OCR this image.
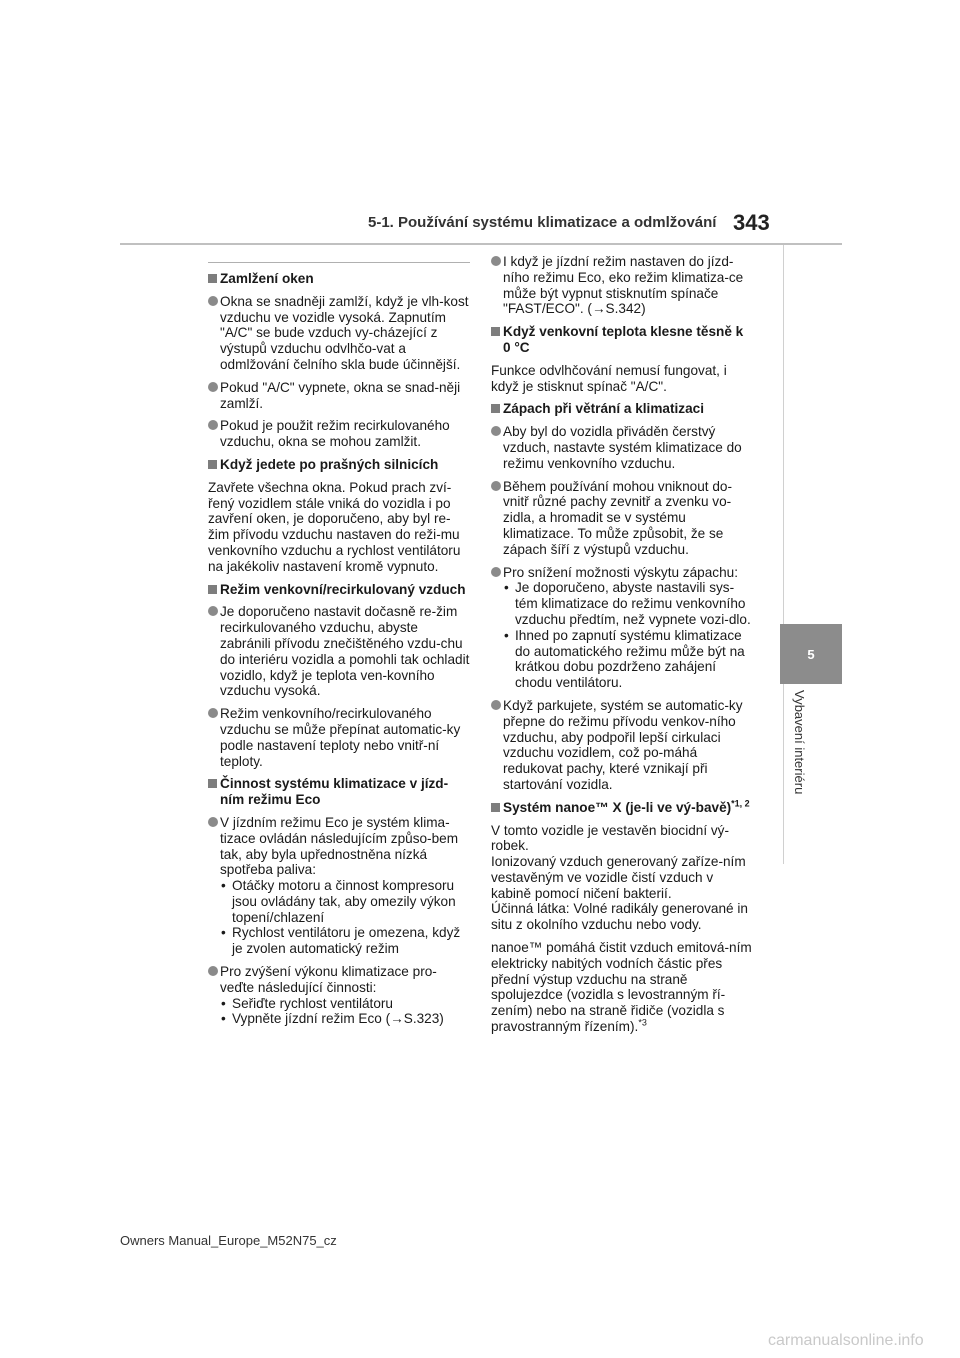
5-1. Používání systému klimatizace a odmlžování 343
5
Vybavení interiéru
Zamlžení oken
Okna se snadněji zamlží, když je vlh-kost vzduchu ve vozidle vysoká. Zapnutím "A/C" se bude vzduch vy-cházející z výstupů vzduchu odvlhčo-vat a odmlžování čelního skla bude účinnější.
Pokud "A/C" vypnete, okna se snad-něji zamlží.
Pokud je použit režim recirkulovaného vzduchu, okna se mohou zamlžit.
Když jedete po prašných silnicích
Zavřete všechna okna. Pokud prach zví-řený vozidlem stále vniká do vozidla i po zavření oken, je doporučeno, aby byl re-žim přívodu vzduchu nastaven do reži-mu venkovního vzduchu a rychlost ventilátoru na jakékoliv nastavení kromě vypnuto.
Režim venkovní/recirkulovaný vzduch
Je doporučeno nastavit dočasně re-žim recirkulovaného vzduchu, abyste zabránili přívodu znečištěného vzdu-chu do interiéru vozidla a pomohli tak ochladit vozidlo, když je teplota ven-kovního vzduchu vysoká.
Režim venkovního/recirkulovaného vzduchu se může přepínat automatic-ky podle nastavení teploty nebo vnitř-ní teploty.
Činnost systému klimatizace v jízd-ním režimu Eco
V jízdním režimu Eco je systém klima-tizace ovládán následujícím způso-bem tak, aby byla upřednostněna nízká spotřeba paliva:
• Otáčky motoru a činnost kompresoru jsou ovládány tak, aby omezily výkon topení/chlazení
• Rychlost ventilátoru je omezena, když je zvolen automatický režim
Pro zvýšení výkonu klimatizace pro-veďte následující činnosti:
• Seřiďte rychlost ventilátoru
• Vypněte jízdní režim Eco (→S.323)
I když je jízdní režim nastaven do jízd-ního režimu Eco, eko režim klimatiza-ce může být vypnut stisknutím spínače "FAST/ECO". (→S.342)
Když venkovní teplota klesne těsně k 0 °C
Funkce odvlhčování nemusí fungovat, i když je stisknut spínač "A/C".
Zápach při větrání a klimatizaci
Aby byl do vozidla přiváděn čerstvý vzduch, nastavte systém klimatizace do režimu venkovního vzduchu.
Během používání mohou vniknout do-vnitř různé pachy zevnitř a zvenku vo-zidla, a hromadit se v systému klimatizace. To může způsobit, že se zápach šíří z výstupů vzduchu.
Pro snížení možnosti výskytu zápachu:
• Je doporučeno, abyste nastavili sys-tém klimatizace do režimu venkovního vzduchu předtím, než vypnete vozi-dlo.
• Ihned po zapnutí systému klimatizace do automatického režimu může být na krátkou dobu pozdrženo zahájení chodu ventilátoru.
Když parkujete, systém se automatic-ky přepne do režimu přívodu venkov-ního vzduchu, aby podpořil lepší cirkulaci vzduchu vozidlem, což po-máhá redukovat pachy, které vznikají při startování vozidla.
Systém nanoe™ X (je-li ve vý-bavě)$^{*1, 2}$
V tomto vozidle je vestavěn biocidní vý-robek.
Ionizovaný vzduch generovaný zaříze-ním vestavěným ve vozidle čistí vzduch v kabině pomocí ničení bakterií.
Účinná látka: Volné radikály generované in situ z okolního vzduchu nebo vody.
nanoe™ pomáhá čistit vzduch emitová-ním elektricky nabitých vodních částic přes přední výstup vzduchu na straně spolujezdce (vozidla s levostranným ří-zením) nebo na straně řidiče (vozidla s pravostranným řízením).$^{*3}$
Owners Manual_Europe_M52N75_cz
carmanualsonline.info
